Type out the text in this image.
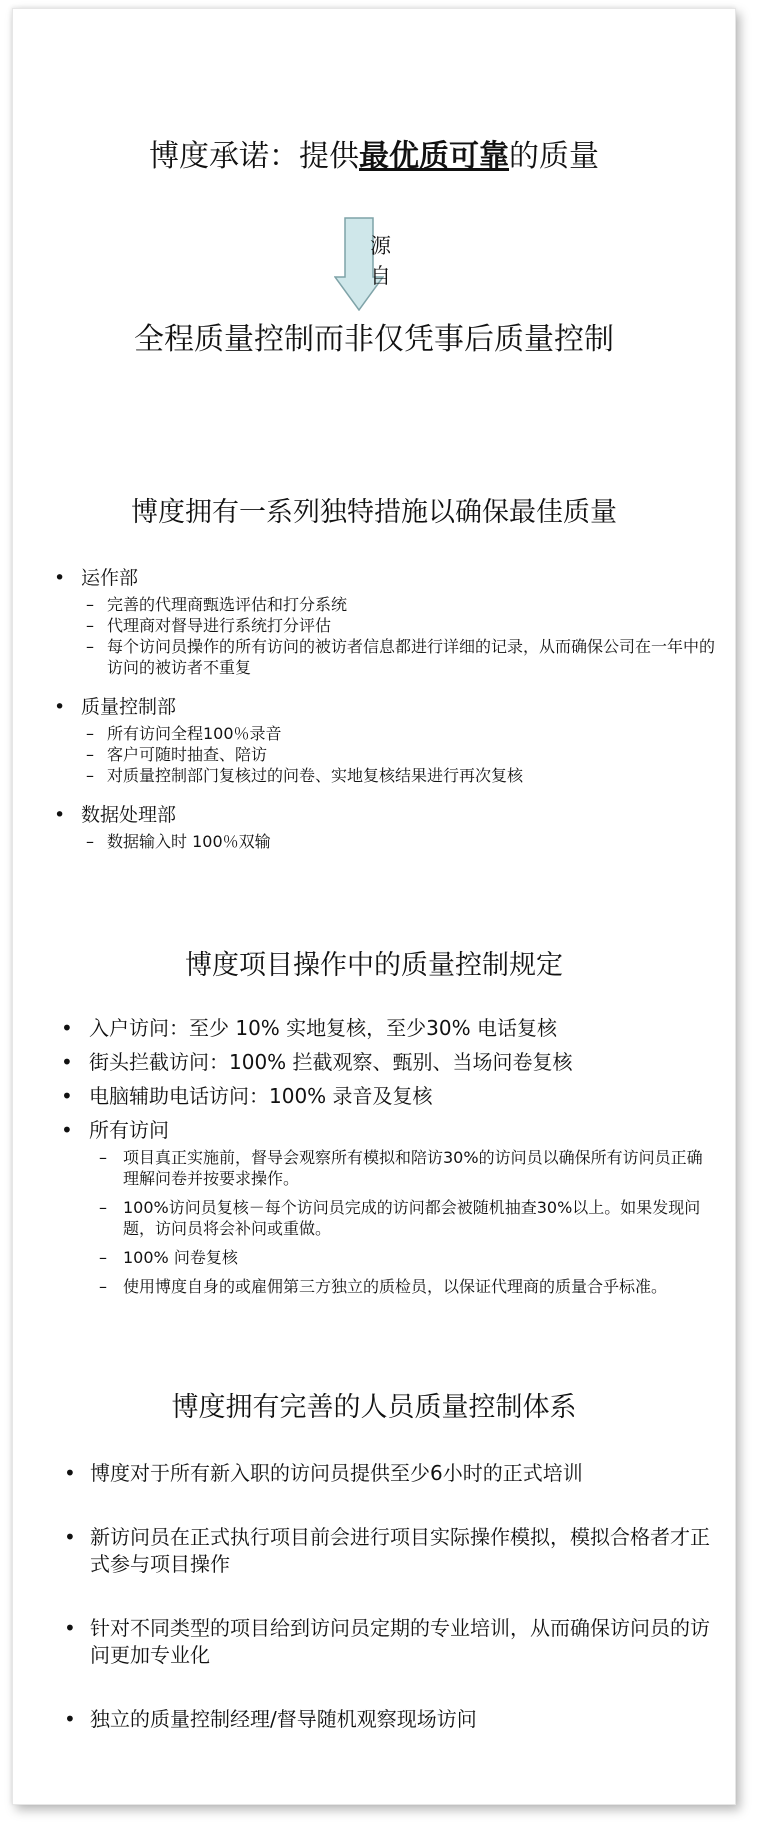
博度承诺：提供最优质可靠的质量
源
自
全程质量控制而非仅凭事后质量控制
博度拥有一系列独特措施以确保最佳质量
• 运作部
– 完善的代理商甄选评估和打分系统
– 代理商对督导进行系统打分评估
– 每个访问员操作的所有访问的被访者信息都进行详细的记录，从而确保公司在一年中的访问的被访者不重复
• 质量控制部
– 所有访问全程100％录音
– 客户可随时抽查、陪访
– 对质量控制部门复核过的问卷、实地复核结果进行再次复核
• 数据处理部
– 数据输入时 100％双输
博度项目操作中的质量控制规定
• 入户访问：至少 10% 实地复核，至少30% 电话复核
• 街头拦截访问：100% 拦截观察、甄别、当场问卷复核
• 电脑辅助电话访问：100% 录音及复核
• 所有访问
– 项目真正实施前，督导会观察所有模拟和陪访30%的访问员以确保所有访问员正确理解问卷并按要求操作。
– 100%访问员复核－每个访问员完成的访问都会被随机抽查30%以上。如果发现问题，访问员将会补问或重做。
– 100% 问卷复核
– 使用博度自身的或雇佣第三方独立的质检员，以保证代理商的质量合乎标准。
博度拥有完善的人员质量控制体系
• 博度对于所有新入职的访问员提供至少6小时的正式培训
• 新访问员在正式执行项目前会进行项目实际操作模拟，模拟合格者才正式参与项目操作
• 针对不同类型的项目给到访问员定期的专业培训，从而确保访问员的访问更加专业化
• 独立的质量控制经理/督导随机观察现场访问
